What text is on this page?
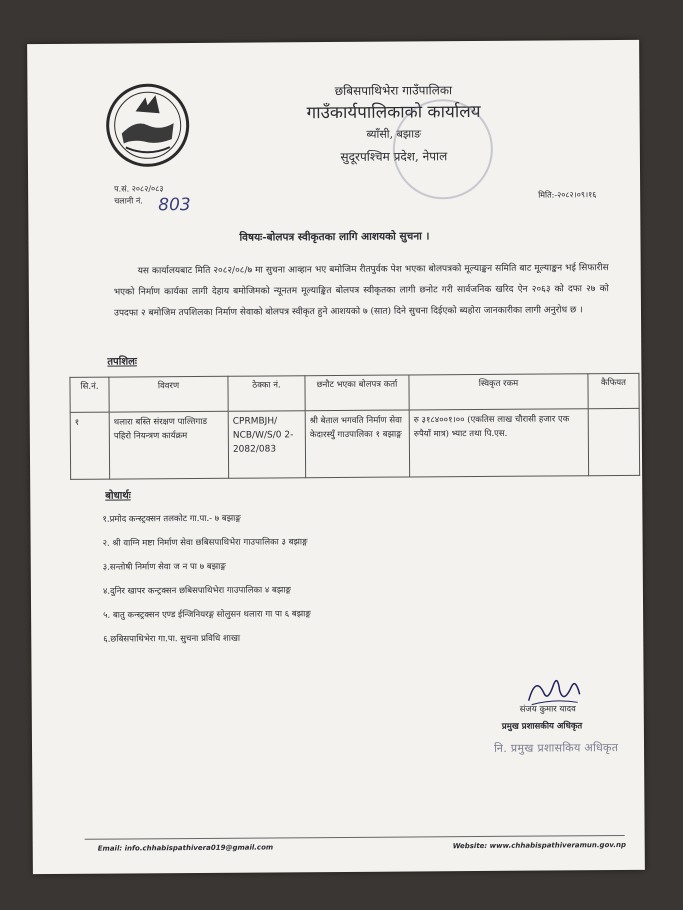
छबिसपाथिभेरा गाउँपालिका
गाउँकार्यपालिकाको कार्यालय
ब्याँसी, बझाङ
सुदूरपश्चिम प्रदेश, नेपाल
प.सं. २०८२/०८३
चलानी नं. 803
मिति:-२०८२।०९।१६
विषयः-बोलपत्र स्वीकृतका लागि आशयको सुचना ।
यस कार्यालयबाट मिति २०८२/०८/७ मा सुचना आव्हान भए बमोजिम रीतपुर्वक पेश भएका बोलपत्रको मूल्याङ्कन समिति बाट मूल्याङ्कन भई सिफारीस भएको निर्माण कार्यका लागी देहाय बमोजिमको न्यूनतम मूल्याङ्कित बोलपत्र स्वीकृतका लागी छनोट गरी सार्वजनिक खरिद ऐन २०६३ को दफा २७ को उपदफा २ बमोजिम तपशिलका निर्माण सेवाको बोलपत्र स्वीकृत हुने आशयको ७ (सात) दिने सुचना दिईएको ब्यहोरा जानकारीका लागी अनुरोध छ ।
तपशिलः
सि.नं.	विवरण	ठेक्का नं.	छनौट भएका बोलपत्र कर्ता	स्विकृत रकम	कैफियत
१	थलारा बस्ति संरक्षण पाल्तिगाड पहिरो नियन्त्रण कार्यक्रम	CPRMBJH/ NCB/W/S/0 2-2082/083	श्री बेताल भगवति निर्माण सेवा केदारस्युँ गाउपालिका १ बझाङ्ग	रु ३१८४००१।०० (एकतिस लाख चौरासी हजार एक रुपैयाँ मात्र) भ्याट तथा पि.एस.	
बोधार्थः
१.प्रमोद कन्स्ट्रक्सन तलकोट गा.पा.- ७ बझाङ्ग
२. श्री वाग्नि मष्टा निर्माण सेवा छबिसपाथिभेरा गाउपालिका ३ बझाङ्ग
३.सन्तोषी निर्माण सेवा ज न पा ७ बझाङ्ग
४.दुनिर खापर कन्ट्रक्सन छबिसपाथिभेरा गाउपालिका ४ बझाङ्ग
५. बातु कन्स्ट्रक्सन एण्ड ईन्जिनियरङ्ग सोलुसन थलारा गा पा ६ बझाङ्ग
६.छबिसपाथिभेरा गा.पा. सुचना प्रविधि शाखा
संजय कुमार यादव
प्रमुख प्रशासकीय अधिकृत
नि. प्रमुख प्रशासकिय अधिकृत
Email: info.chhabispathivera019@gmail.com	Website: www.chhabispathiveramun.gov.np
